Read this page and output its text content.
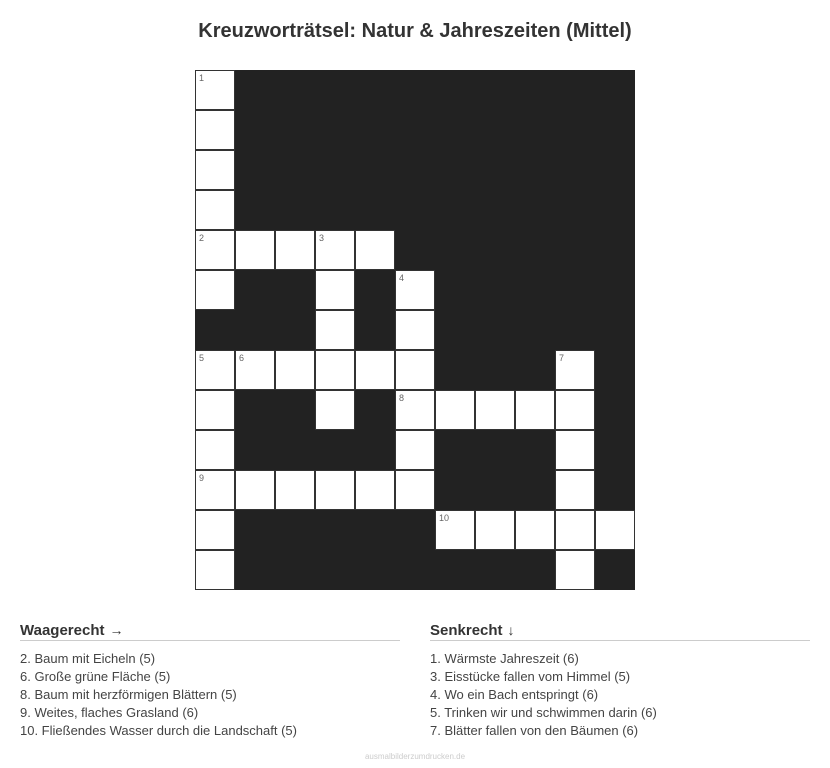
Kreuzworträtsel: Natur & Jahreszeiten (Mittel)
1
2	3
4
5	6	7
8
9
10
Waagerecht →
2. Baum mit Eicheln (5)
6. Große grüne Fläche (5)
8. Baum mit herzförmigen Blättern (5)
9. Weites, flaches Grasland (6)
10. Fließendes Wasser durch die Landschaft (5)
Senkrecht ↓
1. Wärmste Jahreszeit (6)
3. Eisstücke fallen vom Himmel (5)
4. Wo ein Bach entspringt (6)
5. Trinken wir und schwimmen darin (6)
7. Blätter fallen von den Bäumen (6)
ausmalbilderzumdrucken.de
